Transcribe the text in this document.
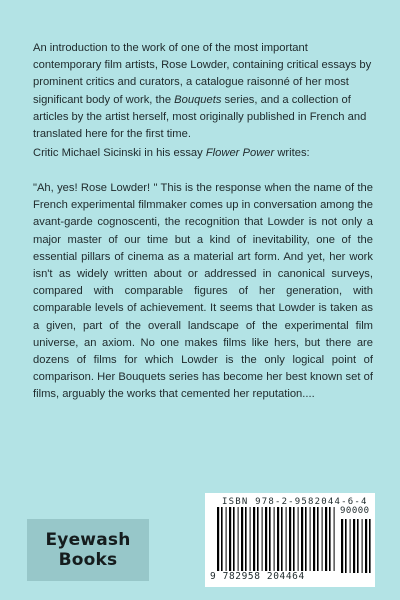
An introduction to the work of one of the most important contemporary film artists, Rose Lowder, containing critical essays by prominent critics and curators, a catalogue raisonné of her most significant body of work, the Bouquets series, and a collection of articles by the artist herself, most originally published in French and translated here for the first time.
Critic Michael Sicinski in his essay Flower Power writes:
"Ah, yes! Rose Lowder! " This is the response when the name of the French experimental filmmaker comes up in conversation among the avant-garde cognoscenti, the recognition that Lowder is not only a major master of our time but a kind of inevitability, one of the essential pillars of cinema as a material art form. And yet, her work isn't as widely written about or addressed in canonical surveys, compared with comparable figures of her generation, with comparable levels of achievement. It seems that Lowder is taken as a given, part of the overall landscape of the experimental film universe, an axiom. No one makes films like hers, but there are dozens of films for which Lowder is the only logical point of comparison. Her Bouquets series has become her best known set of films, arguably the works that cemented her reputation....
Eyewash
Books
ISBN 978-2-9582044-6-4
90000
9 782958 204464
